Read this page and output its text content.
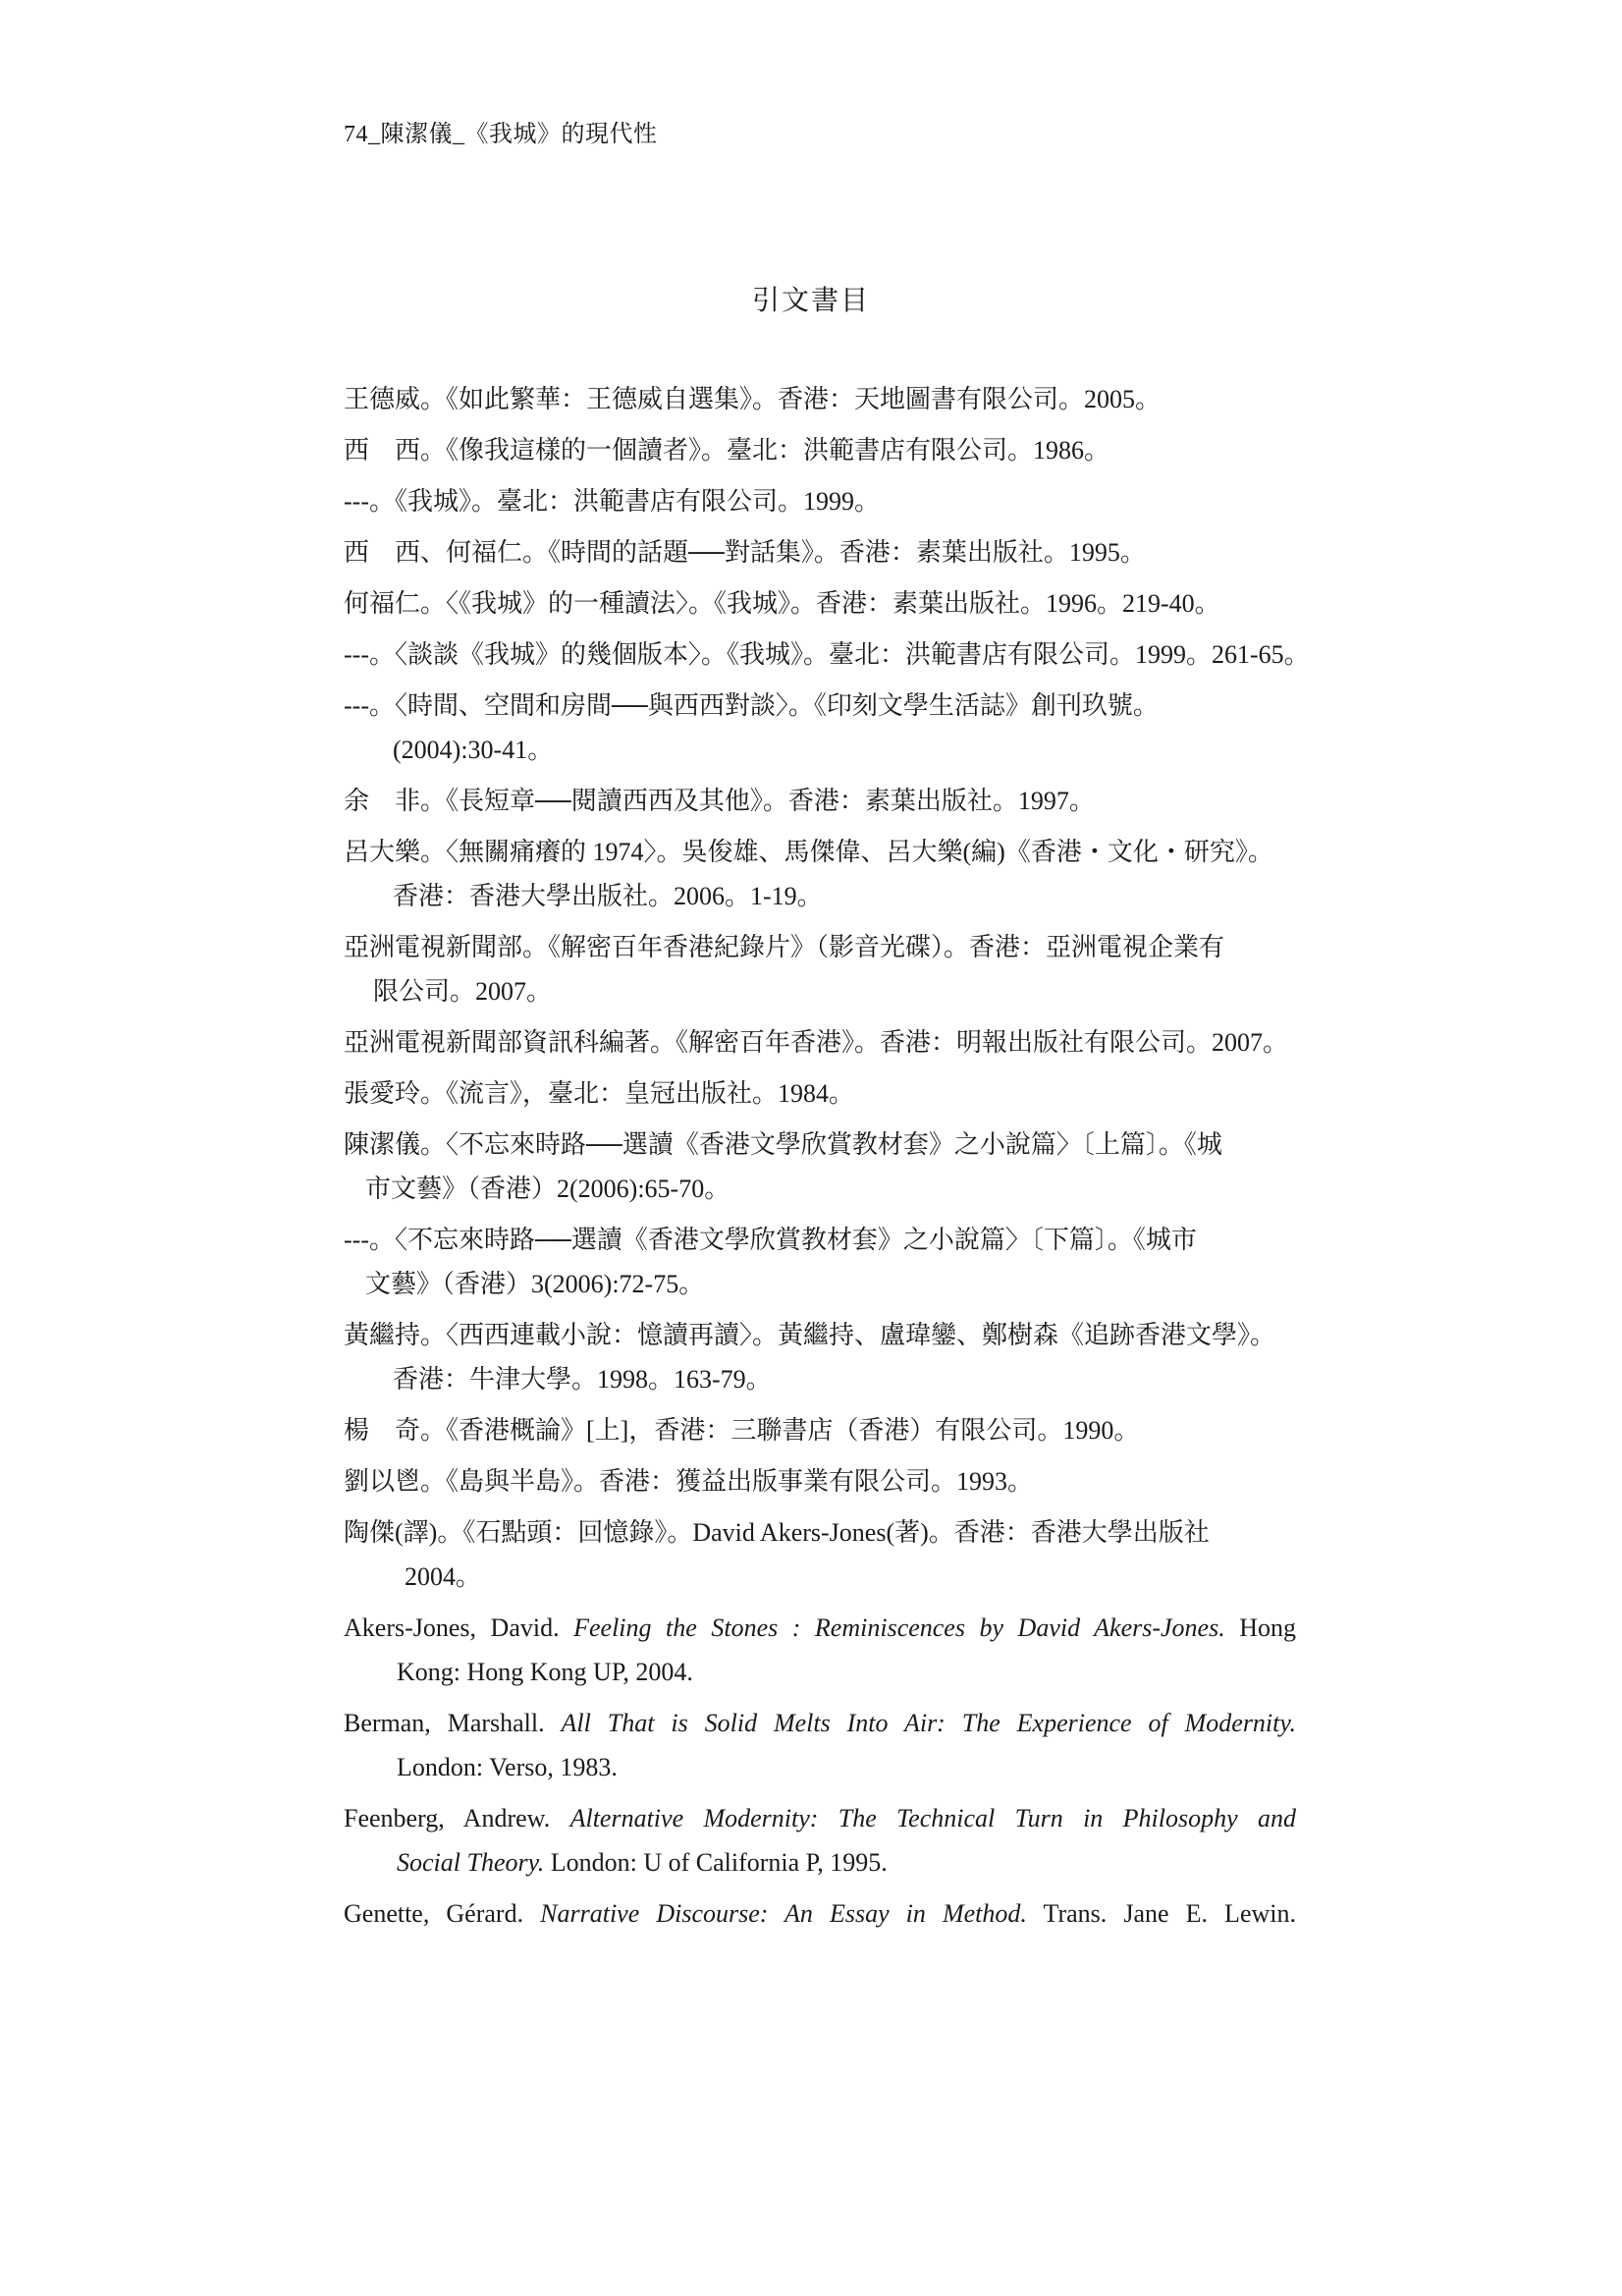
74_陳潔儀_《我城》的現代性
引文書目
王德威。《如此繁華：王德威自選集》。香港：天地圖書有限公司。2005。
西　西。《像我這樣的一個讀者》。臺北：洪範書店有限公司。1986。
---。《我城》。臺北：洪範書店有限公司。1999。
西　西、何福仁。《時間的話題──對話集》。香港：素葉出版社。1995。
何福仁。〈《我城》的一種讀法〉。《我城》。香港：素葉出版社。1996。219-40。
---。〈談談《我城》的幾個版本〉。《我城》。臺北：洪範書店有限公司。1999。261-65。
---。〈時間、空間和房間──與西西對談〉。《印刻文學生活誌》創刊玖號。
(2004):30-41。
余　非。《長短章──閱讀西西及其他》。香港：素葉出版社。1997。
呂大樂。〈無關痛癢的 1974〉。吳俊雄、馬傑偉、呂大樂(編)《香港・文化・研究》。
香港：香港大學出版社。2006。1-19。
亞洲電視新聞部。《解密百年香港紀錄片》（影音光碟）。香港：亞洲電視企業有
限公司。2007。
亞洲電視新聞部資訊科編著。《解密百年香港》。香港：明報出版社有限公司。2007。
張愛玲。《流言》，臺北：皇冠出版社。1984。
陳潔儀。〈不忘來時路──選讀《香港文學欣賞教材套》之小說篇〉〔上篇〕。《城
市文藝》（香港）2(2006):65-70。
---。〈不忘來時路──選讀《香港文學欣賞教材套》之小說篇〉〔下篇〕。《城市
文藝》（香港）3(2006):72-75。
黃繼持。〈西西連載小說：憶讀再讀〉。黃繼持、盧瑋鑾、鄭樹森《追跡香港文學》。
香港：牛津大學。1998。163-79。
楊　奇。《香港概論》[上]，香港：三聯書店（香港）有限公司。1990。
劉以鬯。《島與半島》。香港：獲益出版事業有限公司。1993。
陶傑(譯)。《石點頭：回憶錄》。David Akers-Jones(著)。香港：香港大學出版社
2004。
Akers-Jones, David. Feeling the Stones : Reminiscences by David Akers-Jones. Hong
Kong: Hong Kong UP, 2004.
Berman, Marshall. All That is Solid Melts Into Air: The Experience of Modernity.
London: Verso, 1983.
Feenberg, Andrew. Alternative Modernity: The Technical Turn in Philosophy and
Social Theory. London: U of California P, 1995.
Genette, Gérard. Narrative Discourse: An Essay in Method. Trans. Jane E. Lewin.
